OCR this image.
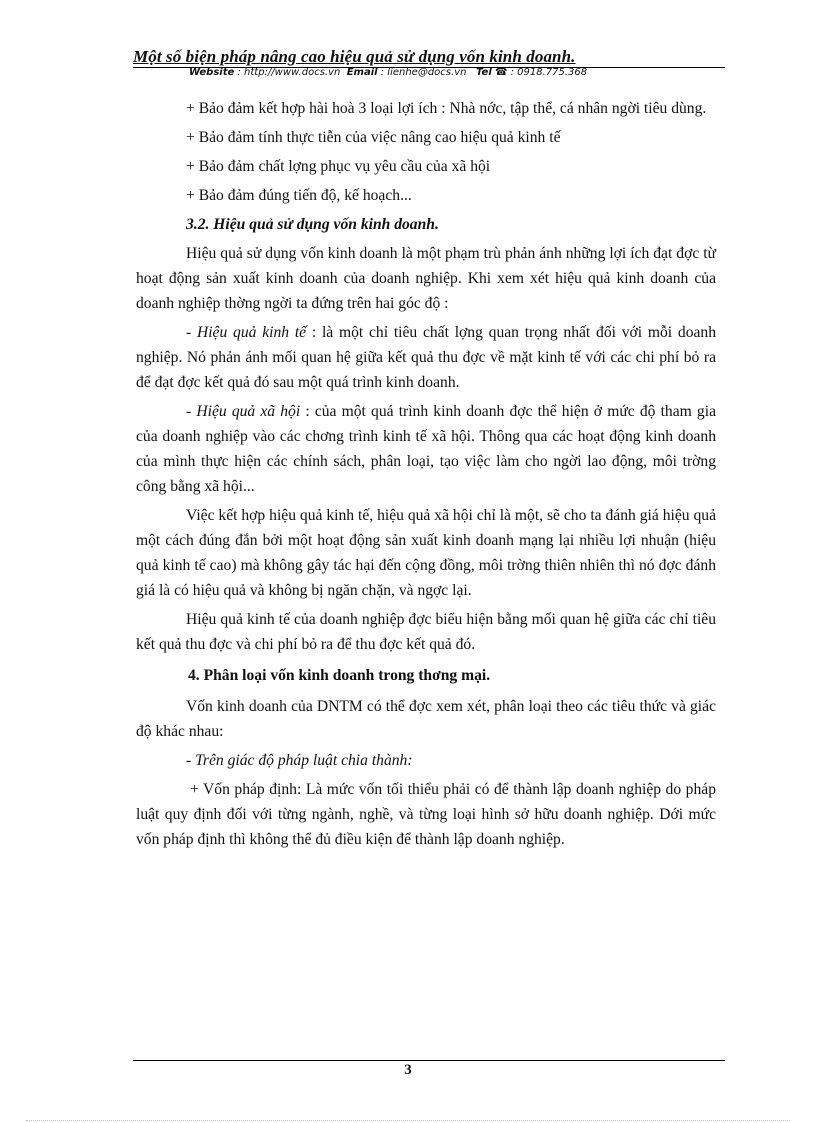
Một số biện pháp nâng cao hiệu quả sử dụng vốn kinh doanh.
Website : http://www.docs.vn Email : lienhe@docs.vn Tel ☎ : 0918.775.368

+ Bảo đảm kết hợp hài hoà 3 loại lợi ích : Nhà nớc, tập thể, cá nhân ngời tiêu dùng.

+ Bảo đảm tính thực tiễn của việc nâng cao hiệu quả kinh tế

+ Bảo đảm chất lợng phục vụ yêu cầu của xã hội

+ Bảo đảm đúng tiến độ, kế hoạch...

3.2. Hiệu quả sử dụng vốn kinh doanh.

Hiệu quả sử dụng vốn kinh doanh là một phạm trù phản ánh những lợi ích đạt đợc từ hoạt động sản xuất kinh doanh của doanh nghiệp. Khi xem xét hiệu quả kinh doanh của doanh nghiệp thờng ngời ta đứng trên hai góc độ :

- Hiệu quả kinh tế : là một chỉ tiêu chất lợng quan trọng nhất đối với mỗi doanh nghiệp. Nó phản ánh mối quan hệ giữa kết quả thu đợc về mặt kinh tế với các chi phí bỏ ra để đạt đợc kết quả đó sau một quá trình kinh doanh.

- Hiệu quả xã hội : của một quá trình kinh doanh đợc thể hiện ở mức độ tham gia của doanh nghiệp vào các chơng trình kinh tế xã hội. Thông qua các hoạt động kinh doanh của mình thực hiện các chính sách, phân loại, tạo việc làm cho ngời lao động, môi trờng công bằng xã hội...

Việc kết hợp hiệu quả kinh tế, hiệu quả xã hội chỉ là một, sẽ cho ta đánh giá hiệu quả một cách đúng đắn bởi một hoạt động sản xuất kinh doanh mạng lại nhiều lợi nhuận (hiệu quả kinh tế cao) mà không gây tác hại đến cộng đồng, môi trờng thiên nhiên thì nó đợc đánh giá là có hiệu quả và không bị ngăn chặn, và ngợc lại.

Hiệu quả kinh tế của doanh nghiệp đợc biểu hiện bằng mối quan hệ giữa các chỉ tiêu kết quả thu đợc và chi phí bỏ ra để thu đợc kết quả đó.

4. Phân loại vốn kinh doanh trong thơng mại.

Vốn kinh doanh của DNTM có thể đợc xem xét, phân loại theo các tiêu thức và giác độ khác nhau:

- Trên giác độ pháp luật chia thành:

+ Vốn pháp định: Là mức vốn tối thiểu phải có để thành lập doanh nghiệp do pháp luật quy định đối với từng ngành, nghề, và từng loại hình sở hữu doanh nghiệp. Dới mức vốn pháp định thì không thể đủ điều kiện để thành lập doanh nghiệp.

3
